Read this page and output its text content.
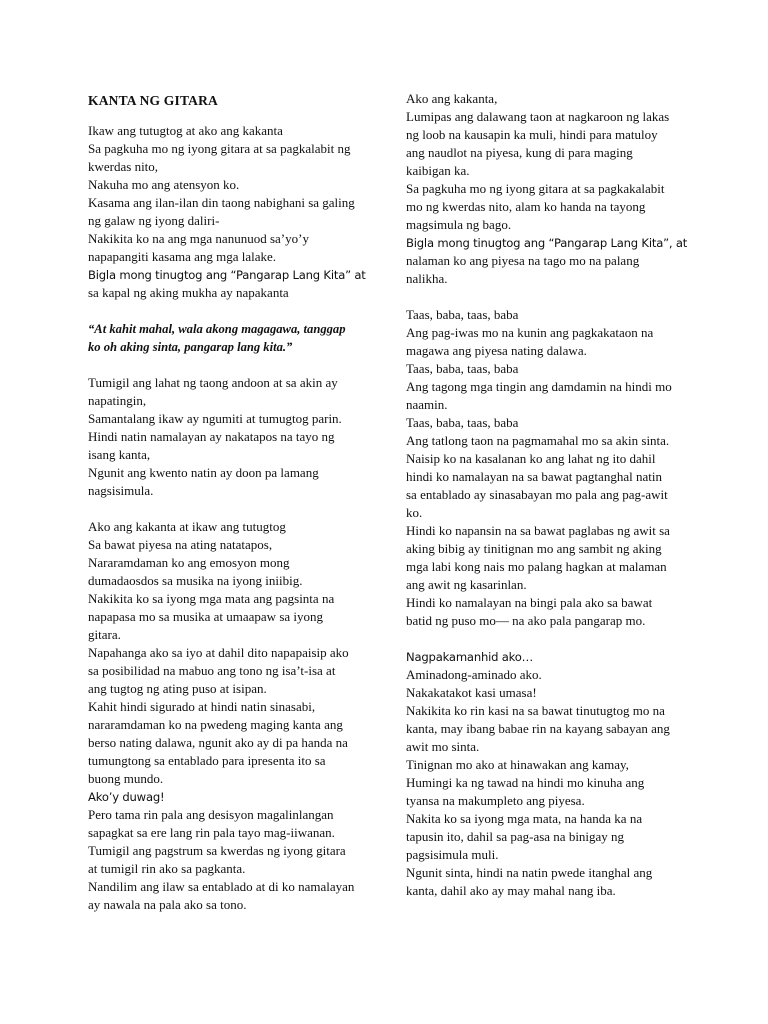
KANTA NG GITARA
Ikaw ang tutugtog at ako ang kakanta
Sa pagkuha mo ng iyong gitara at sa pagkalabit ng
kwerdas nito,
Nakuha mo ang atensyon ko.
Kasama ang ilan-ilan din taong nabighani sa galing
ng galaw ng iyong daliri-
Nakikita ko na ang mga nanunuod sa’yo’y
napapangiti kasama ang mga lalake.
Bigla mong tinugtog ang “Pangarap Lang Kita” at
sa kapal ng aking mukha ay napakanta
“At kahit mahal, wala akong magagawa, tanggap
ko oh aking sinta, pangarap lang kita.”
Tumigil ang lahat ng taong andoon at sa akin ay
napatingin,
Samantalang ikaw ay ngumiti at tumugtog parin.
Hindi natin namalayan ay nakatapos na tayo ng
isang kanta,
Ngunit ang kwento natin ay doon pa lamang
nagsisimula.
Ako ang kakanta at ikaw ang tutugtog
Sa bawat piyesa na ating natatapos,
Nararamdaman ko ang emosyon mong
dumadaosdos sa musika na iyong iniibig.
Nakikita ko sa iyong mga mata ang pagsinta na
napapasa mo sa musika at umaapaw sa iyong
gitara.
Napahanga ako sa iyo at dahil dito napapaisip ako
sa posibilidad na mabuo ang tono ng isa’t-isa at
ang tugtog ng ating puso at isipan.
Kahit hindi sigurado at hindi natin sinasabi,
nararamdaman ko na pwedeng maging kanta ang
berso nating dalawa, ngunit ako ay di pa handa na
tumungtong sa entablado para ipresenta ito sa
buong mundo.
Ako’y duwag!
Pero tama rin pala ang desisyon magalinlangan
sapagkat sa ere lang rin pala tayo mag-iiwanan.
Tumigil ang pagstrum sa kwerdas ng iyong gitara
at tumigil rin ako sa pagkanta.
Nandilim ang ilaw sa entablado at di ko namalayan
ay nawala na pala ako sa tono.
Ako ang kakanta,
Lumipas ang dalawang taon at nagkaroon ng lakas
ng loob na kausapin ka muli, hindi para matuloy
ang naudlot na piyesa, kung di para maging
kaibigan ka.
Sa pagkuha mo ng iyong gitara at sa pagkakalabit
mo ng kwerdas nito, alam ko handa na tayong
magsimula ng bago.
Bigla mong tinugtog ang “Pangarap Lang Kita”, at
nalaman ko ang piyesa na tago mo na palang
nalikha.
Taas, baba, taas, baba
Ang pag-iwas mo na kunin ang pagkakataon na
magawa ang piyesa nating dalawa.
Taas, baba, taas, baba
Ang tagong mga tingin ang damdamin na hindi mo
naamin.
Taas, baba, taas, baba
Ang tatlong taon na pagmamahal mo sa akin sinta.
Naisip ko na kasalanan ko ang lahat ng ito dahil
hindi ko namalayan na sa bawat pagtanghal natin
sa entablado ay sinasabayan mo pala ang pag-awit
ko.
Hindi ko napansin na sa bawat paglabas ng awit sa
aking bibig ay tinitignan mo ang sambit ng aking
mga labi kong nais mo palang hagkan at malaman
ang awit ng kasarinlan.
Hindi ko namalayan na bingi pala ako sa bawat
batid ng puso mo— na ako pala pangarap mo.
Nagpakamanhid ako…
Aminadong-aminado ako.
Nakakatakot kasi umasa!
Nakikita ko rin kasi na sa bawat tinutugtog mo na
kanta, may ibang babae rin na kayang sabayan ang
awit mo sinta.
Tinignan mo ako at hinawakan ang kamay,
Humingi ka ng tawad na hindi mo kinuha ang
tyansa na makumpleto ang piyesa.
Nakita ko sa iyong mga mata, na handa ka na
tapusin ito, dahil sa pag-asa na binigay ng
pagsisimula muli.
Ngunit sinta, hindi na natin pwede itanghal ang
kanta, dahil ako ay may mahal nang iba.
